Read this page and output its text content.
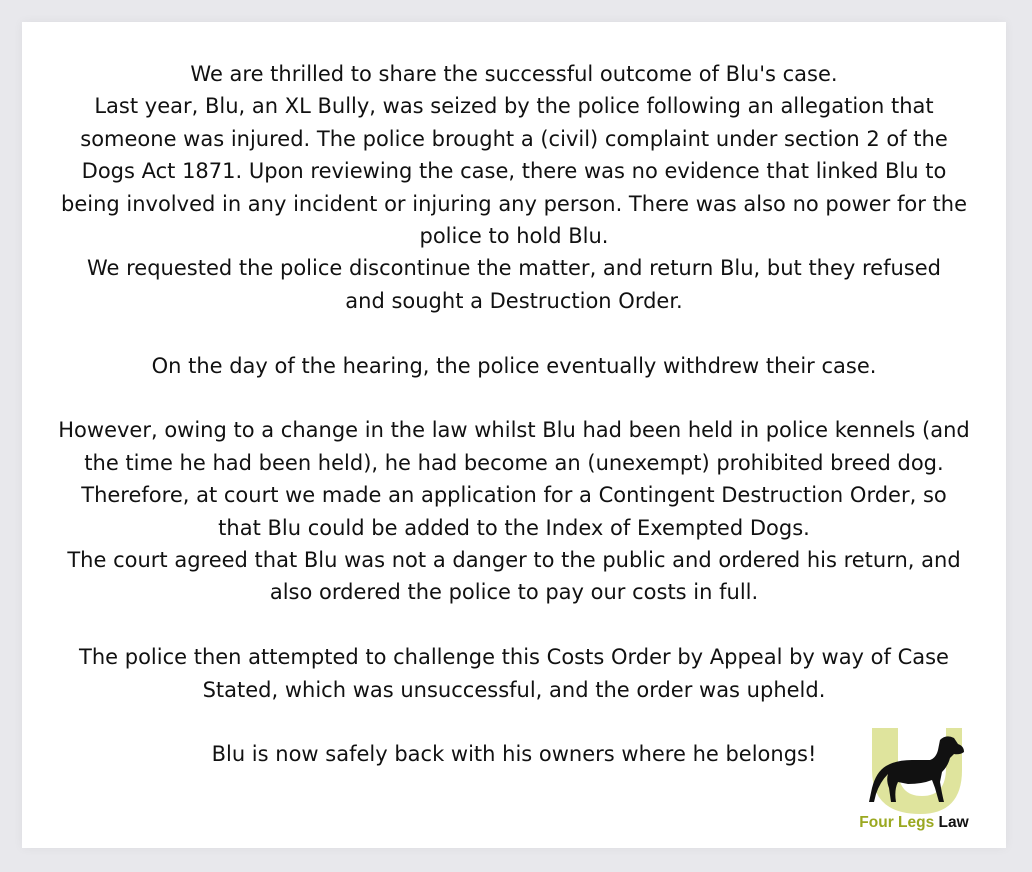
We are thrilled to share the successful outcome of Blu's case.
Last year, Blu, an XL Bully, was seized by the police following an allegation that
someone was injured. The police brought a (civil) complaint under section 2 of the
Dogs Act 1871. Upon reviewing the case, there was no evidence that linked Blu to
being involved in any incident or injuring any person. There was also no power for the
police to hold Blu.
We requested the police discontinue the matter, and return Blu, but they refused
and sought a Destruction Order.
On the day of the hearing, the police eventually withdrew their case.
However, owing to a change in the law whilst Blu had been held in police kennels (and
the time he had been held), he had become an (unexempt) prohibited breed dog.
Therefore, at court we made an application for a Contingent Destruction Order, so
that Blu could be added to the Index of Exempted Dogs.
The court agreed that Blu was not a danger to the public and ordered his return, and
also ordered the police to pay our costs in full.
The police then attempted to challenge this Costs Order by Appeal by way of Case
Stated, which was unsuccessful, and the order was upheld.
Blu is now safely back with his owners where he belongs!
Four Legs Law
